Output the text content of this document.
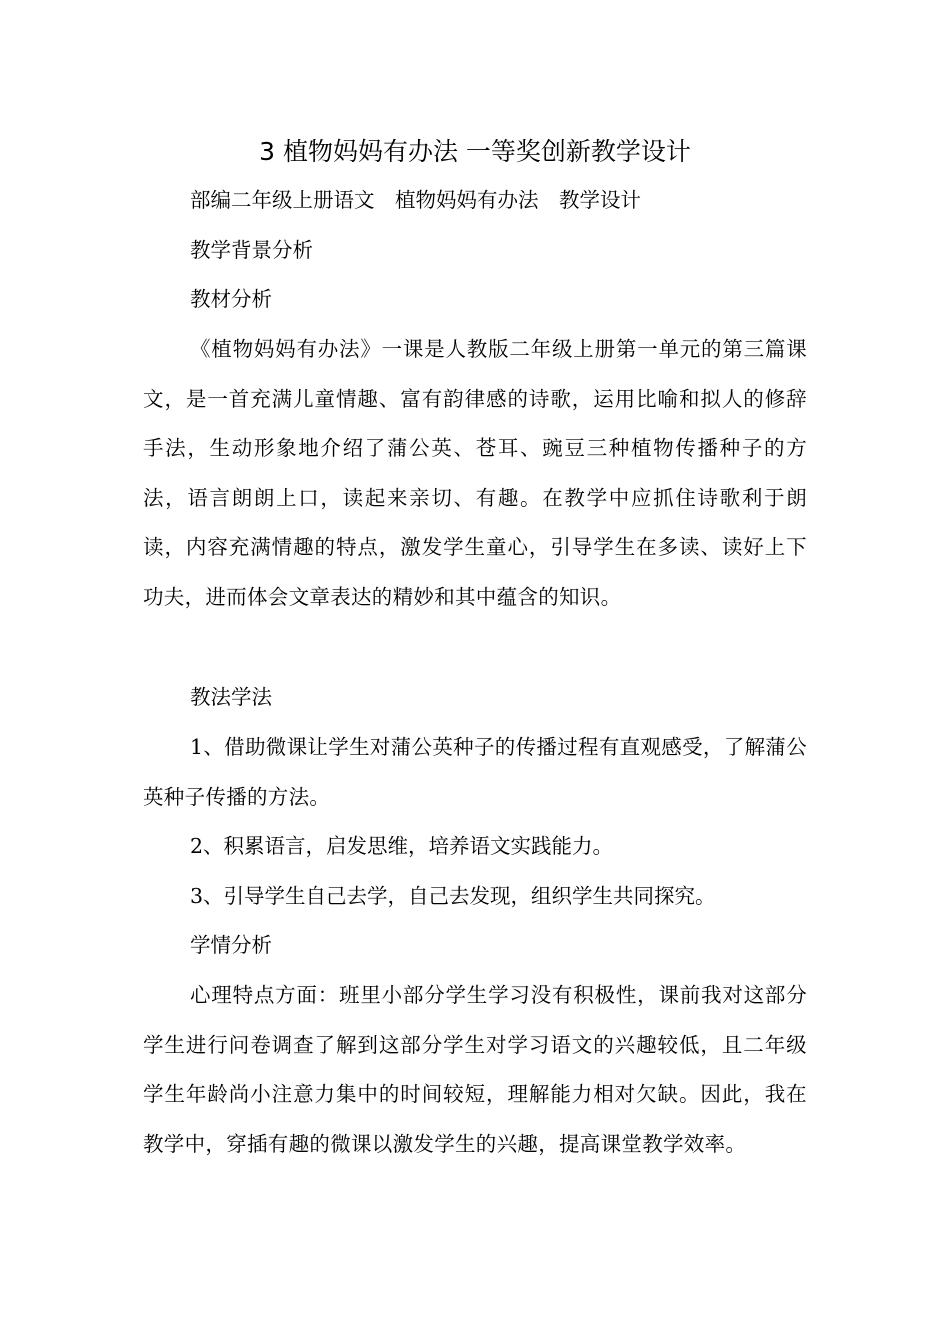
3 植物妈妈有办法 一等奖创新教学设计
部编二年级上册语文　植物妈妈有办法　教学设计
教学背景分析
教材分析
《植物妈妈有办法》一课是人教版二年级上册第一单元的第三篇课文，是一首充满儿童情趣、富有韵律感的诗歌，运用比喻和拟人的修辞手法，生动形象地介绍了蒲公英、苍耳、豌豆三种植物传播种子的方法，语言朗朗上口，读起来亲切、有趣。在教学中应抓住诗歌利于朗读，内容充满情趣的特点，激发学生童心，引导学生在多读、读好上下功夫，进而体会文章表达的精妙和其中蕴含的知识。
教法学法
1、借助微课让学生对蒲公英种子的传播过程有直观感受，了解蒲公英种子传播的方法。
2、积累语言，启发思维，培养语文实践能力。
3、引导学生自己去学，自己去发现，组织学生共同探究。
学情分析
心理特点方面：班里小部分学生学习没有积极性，课前我对这部分学生进行问卷调查了解到这部分学生对学习语文的兴趣较低，且二年级学生年龄尚小注意力集中的时间较短，理解能力相对欠缺。因此，我在教学中，穿插有趣的微课以激发学生的兴趣，提高课堂教学效率。
